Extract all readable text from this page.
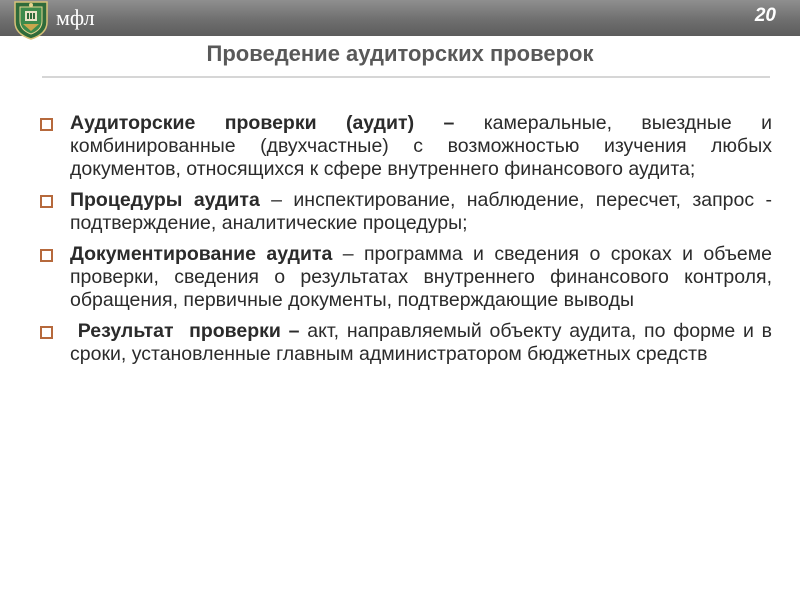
мфл	20
Проведение аудиторских проверок
Аудиторские проверки (аудит) – камеральные, выездные и комбинированные (двухчастные) с возможностью изучения любых документов, относящихся к сфере внутреннего финансового аудита;
Процедуры аудита – инспектирование, наблюдение, пересчет, запрос - подтверждение, аналитические процедуры;
Документирование аудита – программа и сведения о сроках и объеме проверки, сведения о результатах внутреннего финансового контроля, обращения, первичные документы, подтверждающие выводы
Результат  проверки – акт, направляемый объекту аудита, по форме и в сроки, установленные главным администратором бюджетных средств
